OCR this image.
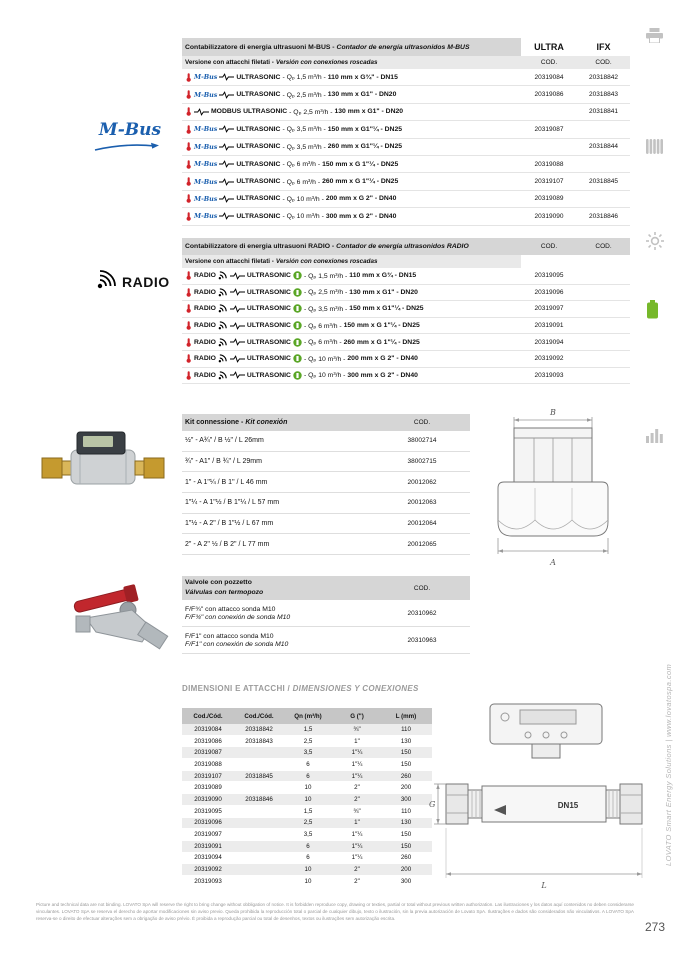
M-Bus
RADIO
Contabilizzatore di energia ultrasuoni M-BUS - Contador de energía ultrasonidos M-BUS	ULTRA	IFX
Versione con attacchi filetati - Versión con conexiones roscadas	COD.	COD.
M-Bus	ULTRASONIC - Qₚ 1,5 m³/h - 110 mm x G¾" - DN15	20319084	20318842
M-Bus	ULTRASONIC - Qₚ 2,5 m³/h - 130 mm x G1" - DN20	20319086	20318843
MODBUS ULTRASONIC - Qₚ 2,5 m³/h - 130 mm x G1" - DN20	20318841
M-Bus	ULTRASONIC - Qₚ 3,5 m³/h - 150 mm x G1"¼ - DN25	20319087
M-Bus	ULTRASONIC - Qₚ 3,5 m³/h - 260 mm x G1"¼ - DN25	20318844
M-Bus	ULTRASONIC - Qₚ 6 m³/h - 150 mm x G 1"¼ - DN25	20319088
M-Bus	ULTRASONIC - Qₚ 6 m³/h - 260 mm x G 1"¼ - DN25	20319107	20318845
M-Bus	ULTRASONIC - Qₚ 10 m³/h - 200 mm x G 2" - DN40	20319089
M-Bus	ULTRASONIC - Qₚ 10 m³/h - 300 mm x G 2" - DN40	20319090	20318846
Contabilizzatore di energia ultrasuoni RADIO - Contador de energía ultrasonidos RADIO	COD.	COD.
Versione con attacchi filetati - Versión con conexiones roscadas
RADIO	ULTRASONIC - Qₚ 1,5 m³/h - 110 mm x G¾ - DN15	20319095
RADIO	ULTRASONIC - Qₚ 2,5 m³/h - 130 mm x G1" - DN20	20319096
RADIO	ULTRASONIC - Qₚ 3,5 m³/h - 150 mm x G1"¼ - DN25	20319097
RADIO	ULTRASONIC - Qₚ 6 m³/h - 150 mm x G 1"¼ - DN25	20319091
RADIO	ULTRASONIC - Qₚ 6 m³/h - 260 mm x G 1"¼ - DN25	20319094
RADIO	ULTRASONIC - Qₚ 10 m³/h - 200 mm x G 2" - DN40	20319092
RADIO	ULTRASONIC - Qₚ 10 m³/h - 300 mm x G 2" - DN40	20319093
Kit connessione - Kit conexión	COD.
½" - A¾" / B ½" / L 26mm	38002714
¾" - A1" / B ¾" / L 29mm	38002715
1" - A 1"¼ / B 1" / L 46 mm	20012062
1"¼ - A 1"½ / B 1"¼ / L 57 mm	20012063
1"½ - A 2" / B 1"½ / L 67 mm	20012064
2" - A 2" ½ / B 2" / L 77 mm	20012065
Valvole con pozzetto
Válvulas con termopozo
COD.
F/F¾" con attacco sonda M10
F/F¾" con conexión de sonda M10
20310962
F/F1" con attacco sonda M10
F/F1" con conexión de sonda M10
20310963
DIMENSIONI E ATTACCHI / DIMENSIONES Y CONEXIONES
Cod./Cód.	Cod./Cód.	Qn (m³/h)	G (")	L (mm)
20319084	20318842	1,5	¾"	110
20319086	20318843	2,5	1"	130
20319087	3,5	1"¼	150
20319088	6	1"¼	150
20319107	20318845	6	1"¼	260
20319089	10	2"	200
20319090	20318846	10	2"	300
20319095	1,5	¾"	110
20319096	2,5	1"	130
20319097	3,5	1"¼	150
20319091	6	1"¼	150
20319094	6	1"¼	260
20319092	10	2"	200
20319093	10	2"	300
B
A
DN15
G
L
LOVATO Smart Energy Solutions | www.lovatospa.com
273
Picture and technical data are not binding. LOVATO SpA will reserve the right to bring change without obbligation of notice. It is forbidden reproduce copy, drawing or texties, partial or total without previous written authorization. Las ilustraciones y los datos aquí contenidos no deben considerarse vinculantes. LOVATO SpA se reserva el derecho de aportar modificaciones sin aviso previo. Queda prohibida la reproducción total o parcial de cualquier dibujo, texto o ilustración, sin la previa autorización de Lovato SpA. Ilustrações e dados são considerados não vinculativos. A LOVATO SpA reserva-se o direito de efectuar alterações sem a obrigação de aviso prévio. É proibida a reprodução parcial ou total de desenhos, textos ou ilustrações sem autorização escrita.
